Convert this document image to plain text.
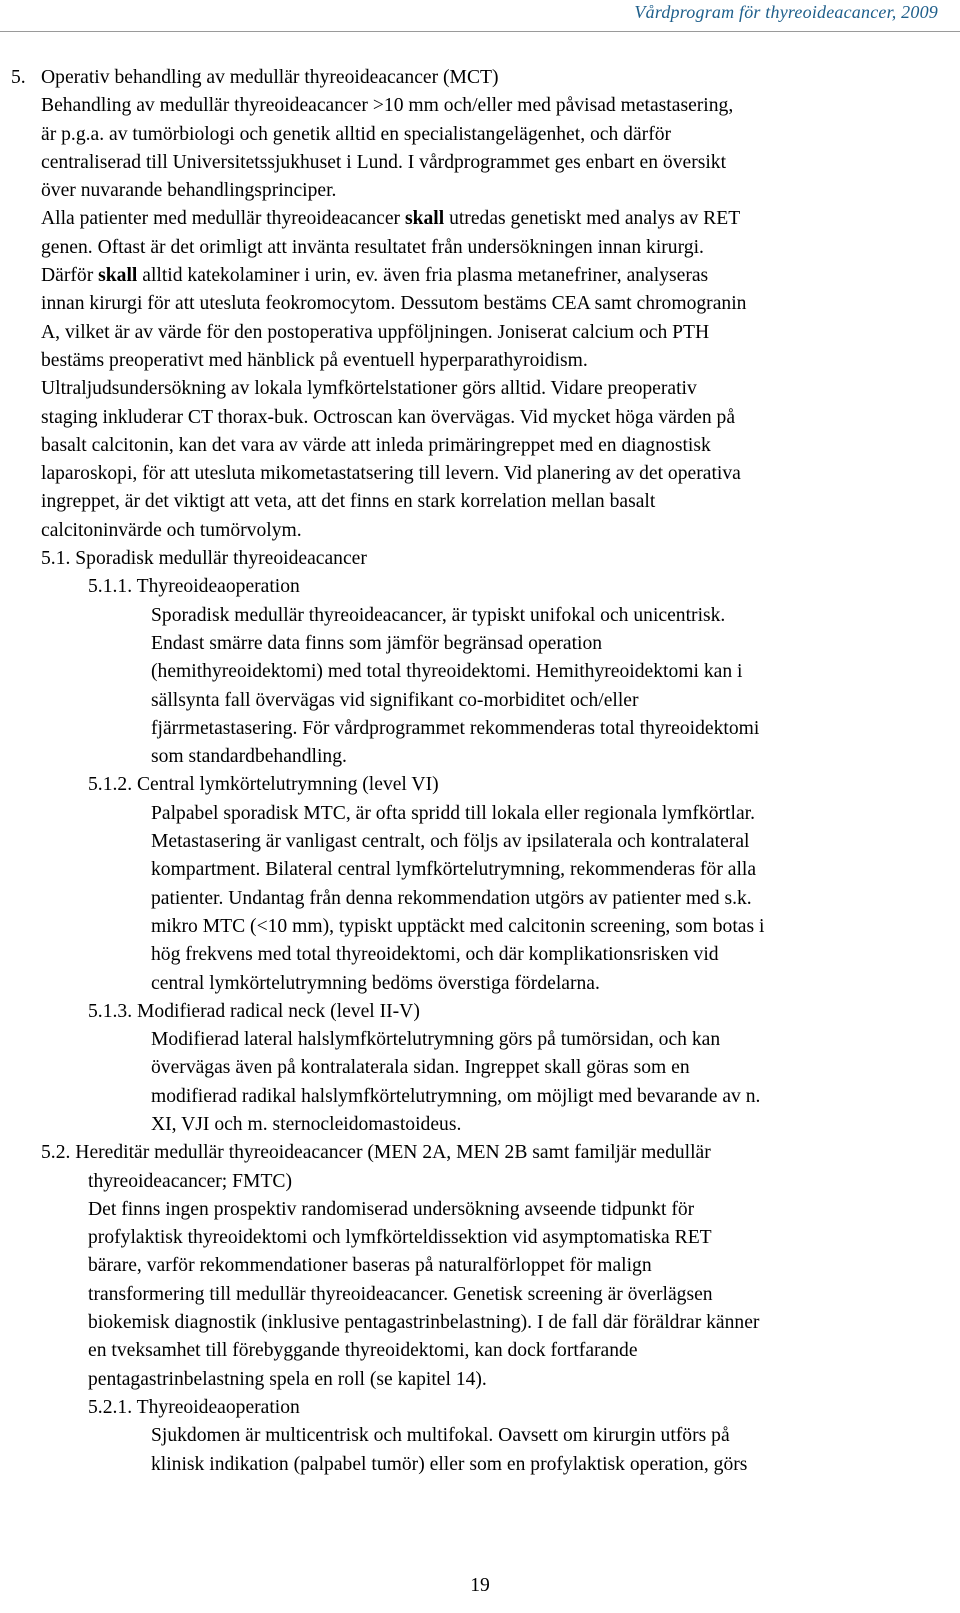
Vårdprogram för thyreoideacancer, 2009
5. Operativ behandling av medullär thyreoideacancer (MCT)
Behandling av medullär thyreoideacancer >10 mm och/eller med påvisad metastasering,
är p.g.a. av tumörbiologi och genetik alltid en specialistangelägenhet, och därför
centraliserad till Universitetssjukhuset i Lund. I vårdprogrammet ges enbart en översikt
över nuvarande behandlingsprinciper.
Alla patienter med medullär thyreoideacancer skall utredas genetiskt med analys av RET
genen. Oftast är det orimligt att invänta resultatet från undersökningen innan kirurgi.
Därför skall alltid katekolaminer i urin, ev. även fria plasma metanefriner, analyseras
innan kirurgi för att utesluta feokromocytom. Dessutom bestäms CEA samt chromogranin
A, vilket är av värde för den postoperativa uppföljningen. Joniserat calcium och PTH
bestäms preoperativt med hänblick på eventuell hyperparathyroidism.
Ultraljudsundersökning av lokala lymfkörtelstationer görs alltid. Vidare preoperativ
staging inkluderar CT thorax-buk. Octroscan kan övervägas. Vid mycket höga värden på
basalt calcitonin, kan det vara av värde att inleda primäringreppet med en diagnostisk
laparoskopi, för att utesluta mikometastatsering till levern. Vid planering av det operativa
ingreppet, är det viktigt att veta, att det finns en stark korrelation mellan basalt
calcitoninvärde och tumörvolym.
5.1. Sporadisk medullär thyreoideacancer
5.1.1. Thyreoideaoperation
Sporadisk medullär thyreoideacancer, är typiskt unifokal och unicentrisk.
Endast smärre data finns som jämför begränsad operation
(hemithyreoidektomi) med total thyreoidektomi. Hemithyreoidektomi kan i
sällsynta fall övervägas vid signifikant co-morbiditet och/eller
fjärrmetastasering. För vårdprogrammet rekommenderas total thyreoidektomi
som standardbehandling.
5.1.2. Central lymkörtelutrymning (level VI)
Palpabel sporadisk MTC, är ofta spridd till lokala eller regionala lymfkörtlar.
Metastasering är vanligast centralt, och följs av ipsilaterala och kontralateral
kompartment. Bilateral central lymfkörtelutrymning, rekommenderas för alla
patienter. Undantag från denna rekommendation utgörs av patienter med s.k.
mikro MTC (<10 mm), typiskt upptäckt med calcitonin screening, som botas i
hög frekvens med total thyreoidektomi, och där komplikationsrisken vid
central lymkörtelutrymning bedöms överstiga fördelarna.
5.1.3. Modifierad radical neck (level II-V)
Modifierad lateral halslymfkörtelutrymning görs på tumörsidan, och kan
övervägas även på kontralaterala sidan. Ingreppet skall göras som en
modifierad radikal halslymfkörtelutrymning, om möjligt med bevarande av n.
XI, VJI och m. sternocleidomastoideus.
5.2. Hereditär medullär thyreoideacancer (MEN 2A, MEN 2B samt familjär medullär
thyreoideacancer; FMTC)
Det finns ingen prospektiv randomiserad undersökning avseende tidpunkt för
profylaktisk thyreoidektomi och lymfkörteldissektion vid asymptomatiska RET
bärare, varför rekommendationer baseras på naturalförloppet för malign
transformering till medullär thyreoideacancer. Genetisk screening är överlägsen
biokemisk diagnostik (inklusive pentagastrinbelastning). I de fall där föräldrar känner
en tveksamhet till förebyggande thyreoidektomi, kan dock fortfarande
pentagastrinbelastning spela en roll (se kapitel 14).
5.2.1. Thyreoideaoperation
Sjukdomen är multicentrisk och multifokal. Oavsett om kirurgin utförs på
klinisk indikation (palpabel tumör) eller som en profylaktisk operation, görs
19
